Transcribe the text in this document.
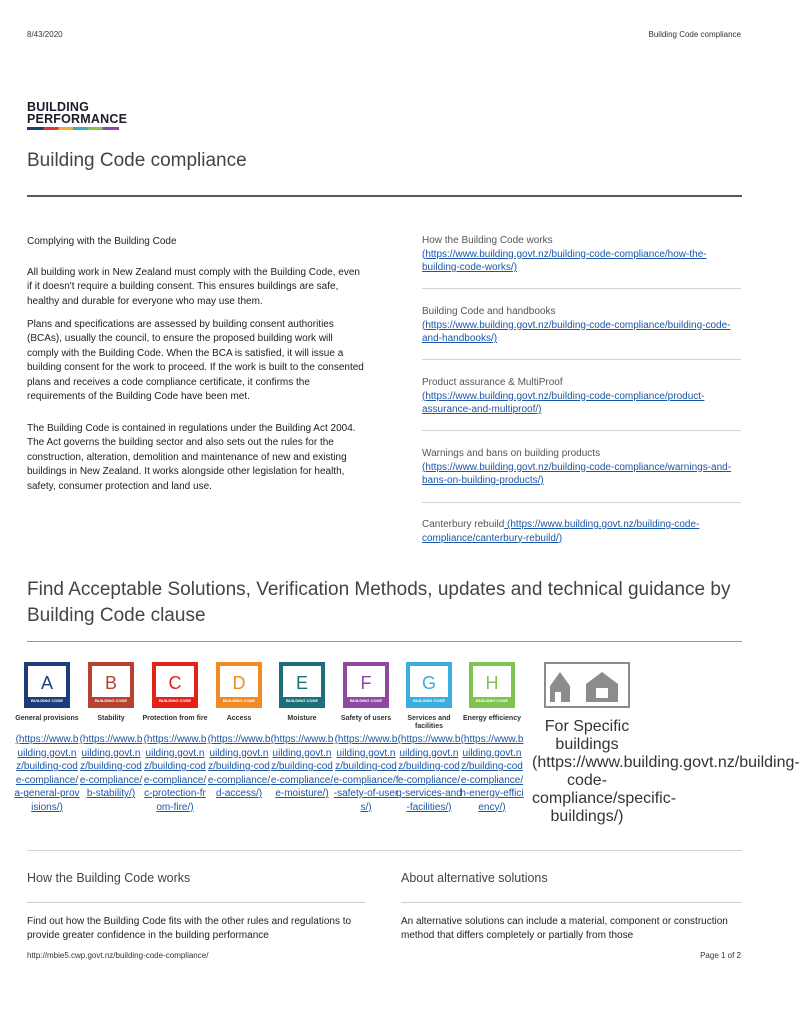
8/43/2020	Building Code compliance
BUILDING
PERFORMANCE
Building Code compliance
Complying with the Building Code

All building work in New Zealand must comply with the Building Code, even if it doesn't require a building consent. This ensures buildings are safe, healthy and durable for everyone who may use them.

Plans and specifications are assessed by building consent authorities (BCAs), usually the council, to ensure the proposed building work will comply with the Building Code. When the BCA is satisfied, it will issue a building consent for the work to proceed. If the work is built to the consented plans and receives a code compliance certificate, it confirms the requirements of the Building Code have been met.

The Building Code is contained in regulations under the Building Act 2004. The Act governs the building sector and also sets out the rules for the construction, alteration, demolition and maintenance of new and existing buildings in New Zealand. It works alongside other legislation for health, safety, consumer protection and land use.

How the Building Code works
(https://www.building.govt.nz/building-code-compliance/how-the-building-code-works/)
Building Code and handbooks
(https://www.building.govt.nz/building-code-compliance/building-code-and-handbooks/)
Product assurance & MultiProof
(https://www.building.govt.nz/building-code-compliance/product-assurance-and-multiproof/)
Warnings and bans on building products
(https://www.building.govt.nz/building-code-compliance/warnings-and-bans-on-building-products/)
Canterbury rebuild (https://www.building.govt.nz/building-code-compliance/canterbury-rebuild/)
Find Acceptable Solutions, Verification Methods, updates and technical guidance by Building Code clause
A
BUILDING CODE
General provisions
(https://www.building.govt.nz/building-code-compliance/a-general-provisions/)
B
BUILDING CODE
Stability
(https://www.building.govt.nz/building-code-compliance/b-stability/)
C
BUILDING CODE
Protection from fire
(https://www.building.govt.nz/building-code-compliance/c-protection-from-fire/)
D
BUILDING CODE
Access
(https://www.building.govt.nz/building-code-compliance/d-access/)
E
BUILDING CODE
Moisture
(https://www.building.govt.nz/building-code-compliance/e-moisture/)
F
BUILDING CODE
Safety of users
(https://www.building.govt.nz/building-code-compliance/f-safety-of-users/)
G
BUILDING CODE
Services and facilities
(https://www.building.govt.nz/building-code-compliance/g-services-and-facilities/)
H
BUILDING CODE
Energy efficiency
(https://www.building.govt.nz/building-code-compliance/h-energy-efficiency/)
For Specific buildings
(https://www.building.govt.nz/building-code-compliance/specific-buildings/)
How the Building Code works

Find out how the Building Code fits with the other rules and regulations to provide greater confidence in the building performance

About alternative solutions

An alternative solutions can include a material, component or construction method that differs completely or partially from those

http://mbie5.cwp.govt.nz/building-code-compliance/	Page 1 of 2
